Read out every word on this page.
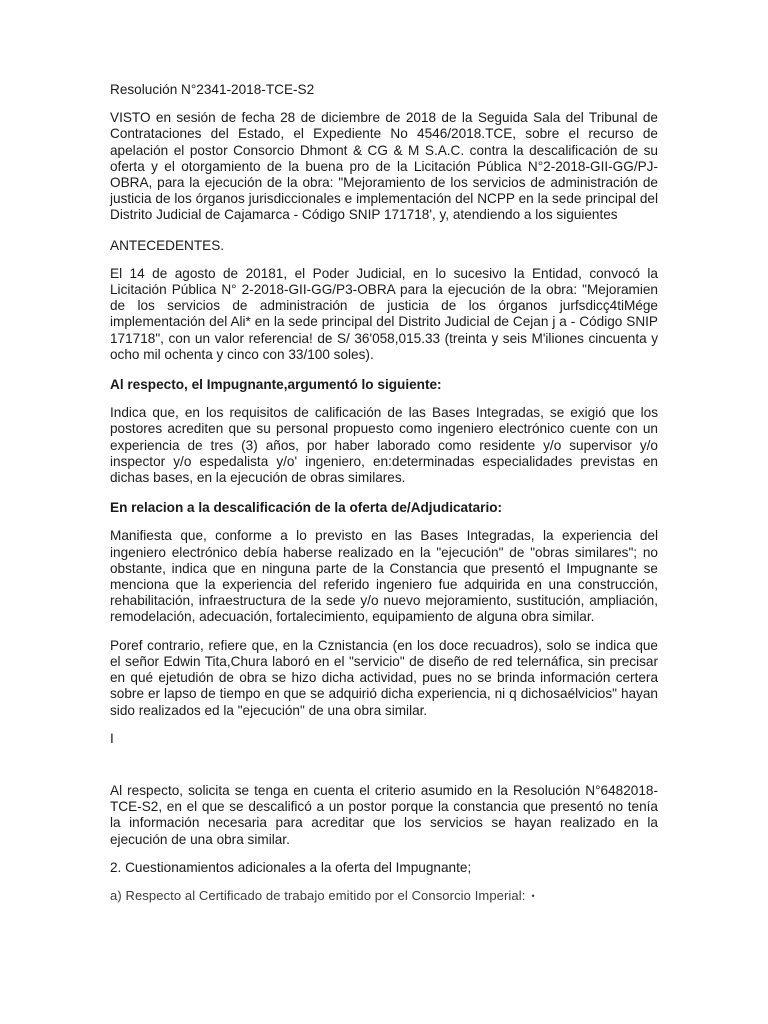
Resolución N°2341-2018-TCE-S2

VISTO en sesión de fecha 28 de diciembre de 2018 de la Seguida Sala del Tribunal de Contrataciones del Estado, el Expediente No 4546/2018.TCE, sobre el recurso de apelación el postor Consorcio Dhmont & CG & M S.A.C. contra la descalificación de su oferta y el otorgamiento de la buena pro de la Licitación Pública N°2-2018-GII-GG/PJ-OBRA, para la ejecución de la obra: "Mejoramiento de los servicios de administración de justicia de los órganos jurisdiccionales e implementación del NCPP en la sede principal del Distrito Judicial de Cajamarca - Código SNIP 171718', y, atendiendo a los siguientes

ANTECEDENTES.

El 14 de agosto de 20181, el Poder Judicial, en lo sucesivo la Entidad, convocó la Licitación Pública N° 2-2018-GII-GG/P3-OBRA para la ejecución de la obra: "Mejoramien de los servicios de administración de justicia de los órganos jurfsdicç4tiMége implementación del Ali* en la sede principal del Distrito Judicial de Cejan j a - Código SNIP 171718", con un valor referencia! de S/ 36'058,015.33 (treinta y seis M'iliones cincuenta y ocho mil ochenta y cinco con 33/100 soles).

Al respecto, el Impugnante,argumentó lo siguiente:

Indica que, en los requisitos de calificación de las Bases Integradas, se exigió que los postores acrediten que su personal propuesto como ingeniero electrónico cuente con un experiencia de tres (3) años, por haber laborado como residente y/o supervisor y/o inspector y/o espedalista y/o' ingeniero, en:determinadas especialidades previstas en dichas bases, en la ejecución de obras similares.

En relacion a la descalificación de la oferta de/Adjudicatario:

Manifiesta que, conforme a lo previsto en las Bases Integradas, la experiencia del ingeniero electrónico debía haberse realizado en la "ejecución" de "obras similares"; no obstante, indica que en ninguna parte de la Constancia que presentó el Impugnante se menciona que la experiencia del referido ingeniero fue adquirida en una construcción, rehabilitación, infraestructura de la sede y/o nuevo mejoramiento, sustitución, ampliación, remodelación, adecuación, fortalecimiento, equipamiento de alguna obra similar.

Poref contrario, refiere que, en la Cznistancia (en los doce recuadros), solo se indica que el señor Edwin Tita,Chura laboró en el "servicio" de diseño de red telernáfica, sin precisar en qué ejetudión de obra se hizo dicha actividad, pues no se brinda información certera sobre er lapso de tiempo en que se adquirió dicha experiencia, ni q dichosaélvicios" hayan sido realizados ed la "ejecución" de una obra similar.

I

Al respecto, solicita se tenga en cuenta el criterio asumido en la Resolución N°6482018-TCE-S2, en el que se descalificó a un postor porque la constancia que presentó no tenía la información necesaria para acreditar que los servicios se hayan realizado en la ejecución de una obra similar.

2. Cuestionamientos adicionales a la oferta del Impugnante;

a) Respecto al Certificado de trabajo emitido por el Consorcio Imperial: •
